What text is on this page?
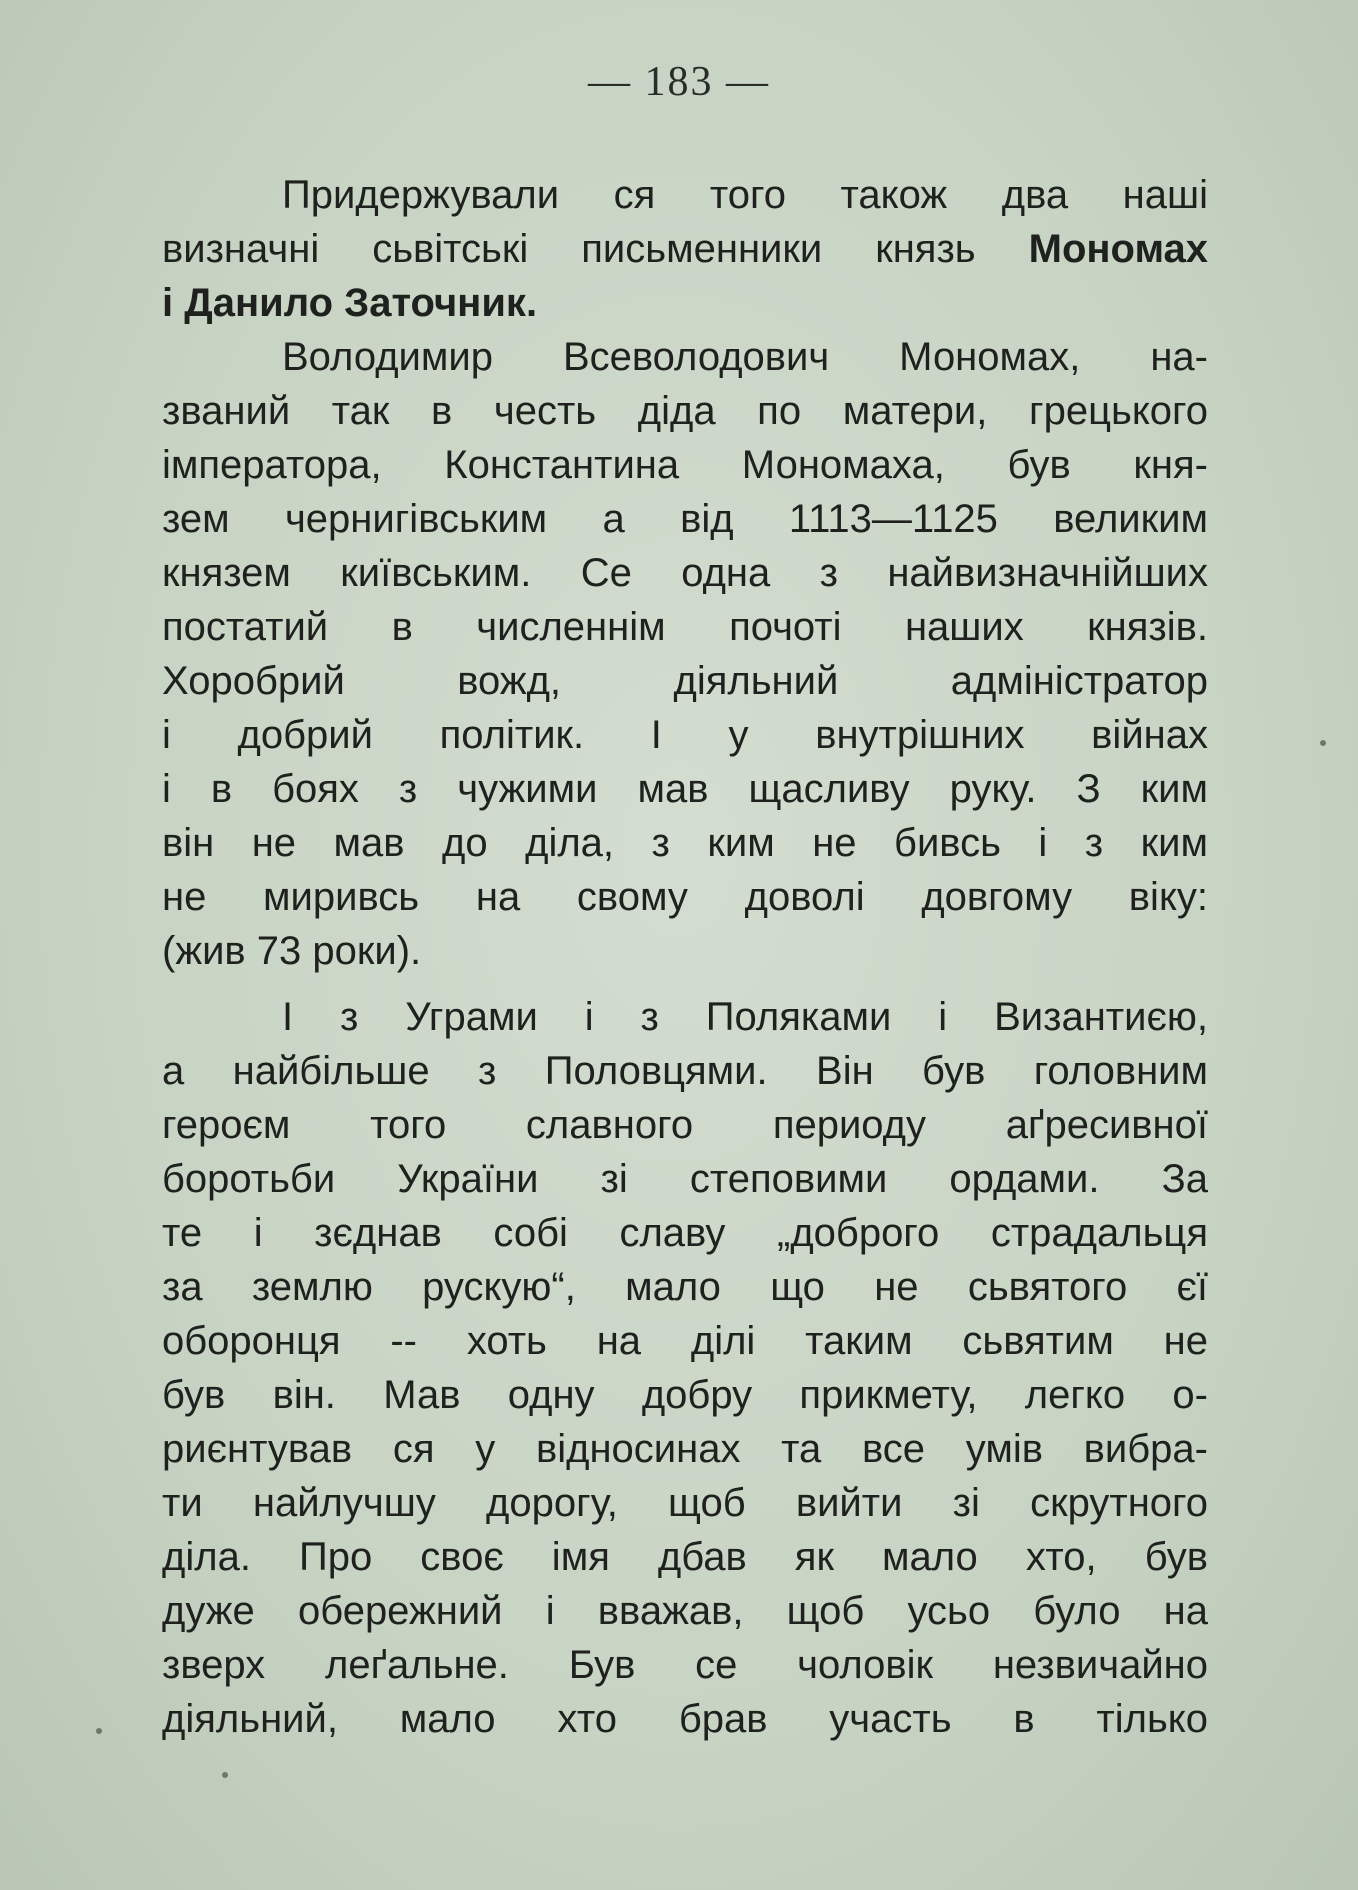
— 183 —
Придержували ся того також два наші
визначні сьвітські письменники князь Мономах
і Данило Заточник.
Володимир Всеволодович Мономах, на-
званий так в честь діда по матери, грецького
імператора, Константина Мономаха, був кня-
зем чернигівським а від 1113—1125 великим
князем київським. Се одна з найвизначнійших
постатий в численнім почоті наших князів.
Хоробрий вожд, діяльний адміністратор
і добрий політик. І у внутрішних війнах
і в боях з чужими мав щасливу руку. З ким
він не мав до діла, з ким не бивсь і з ким
не миривсь на свому доволі довгому віку:
(жив 73 роки).
І з Уграми і з Поляками і Византиєю,
а найбільше з Половцями. Він був головним
героєм того славного периоду аґресивної
боротьби України зі степовими ордами. За
те і зєднав собі славу „доброго страдальця
за землю рускую“, мало що не сьвятого єї
оборонця -- хоть на ділі таким сьвятим не
був він. Мав одну добру прикмету, легко о-
риєнтував ся у відносинах та все умів вибра-
ти найлучшу дорогу, щоб вийти зі скрутного
діла. Про своє імя дбав як мало хто, був
дуже обережний і вважав, щоб усьо було на
зверх леґальне. Був се чоловік незвичайно
діяльний, мало хто брав участь в тілько
